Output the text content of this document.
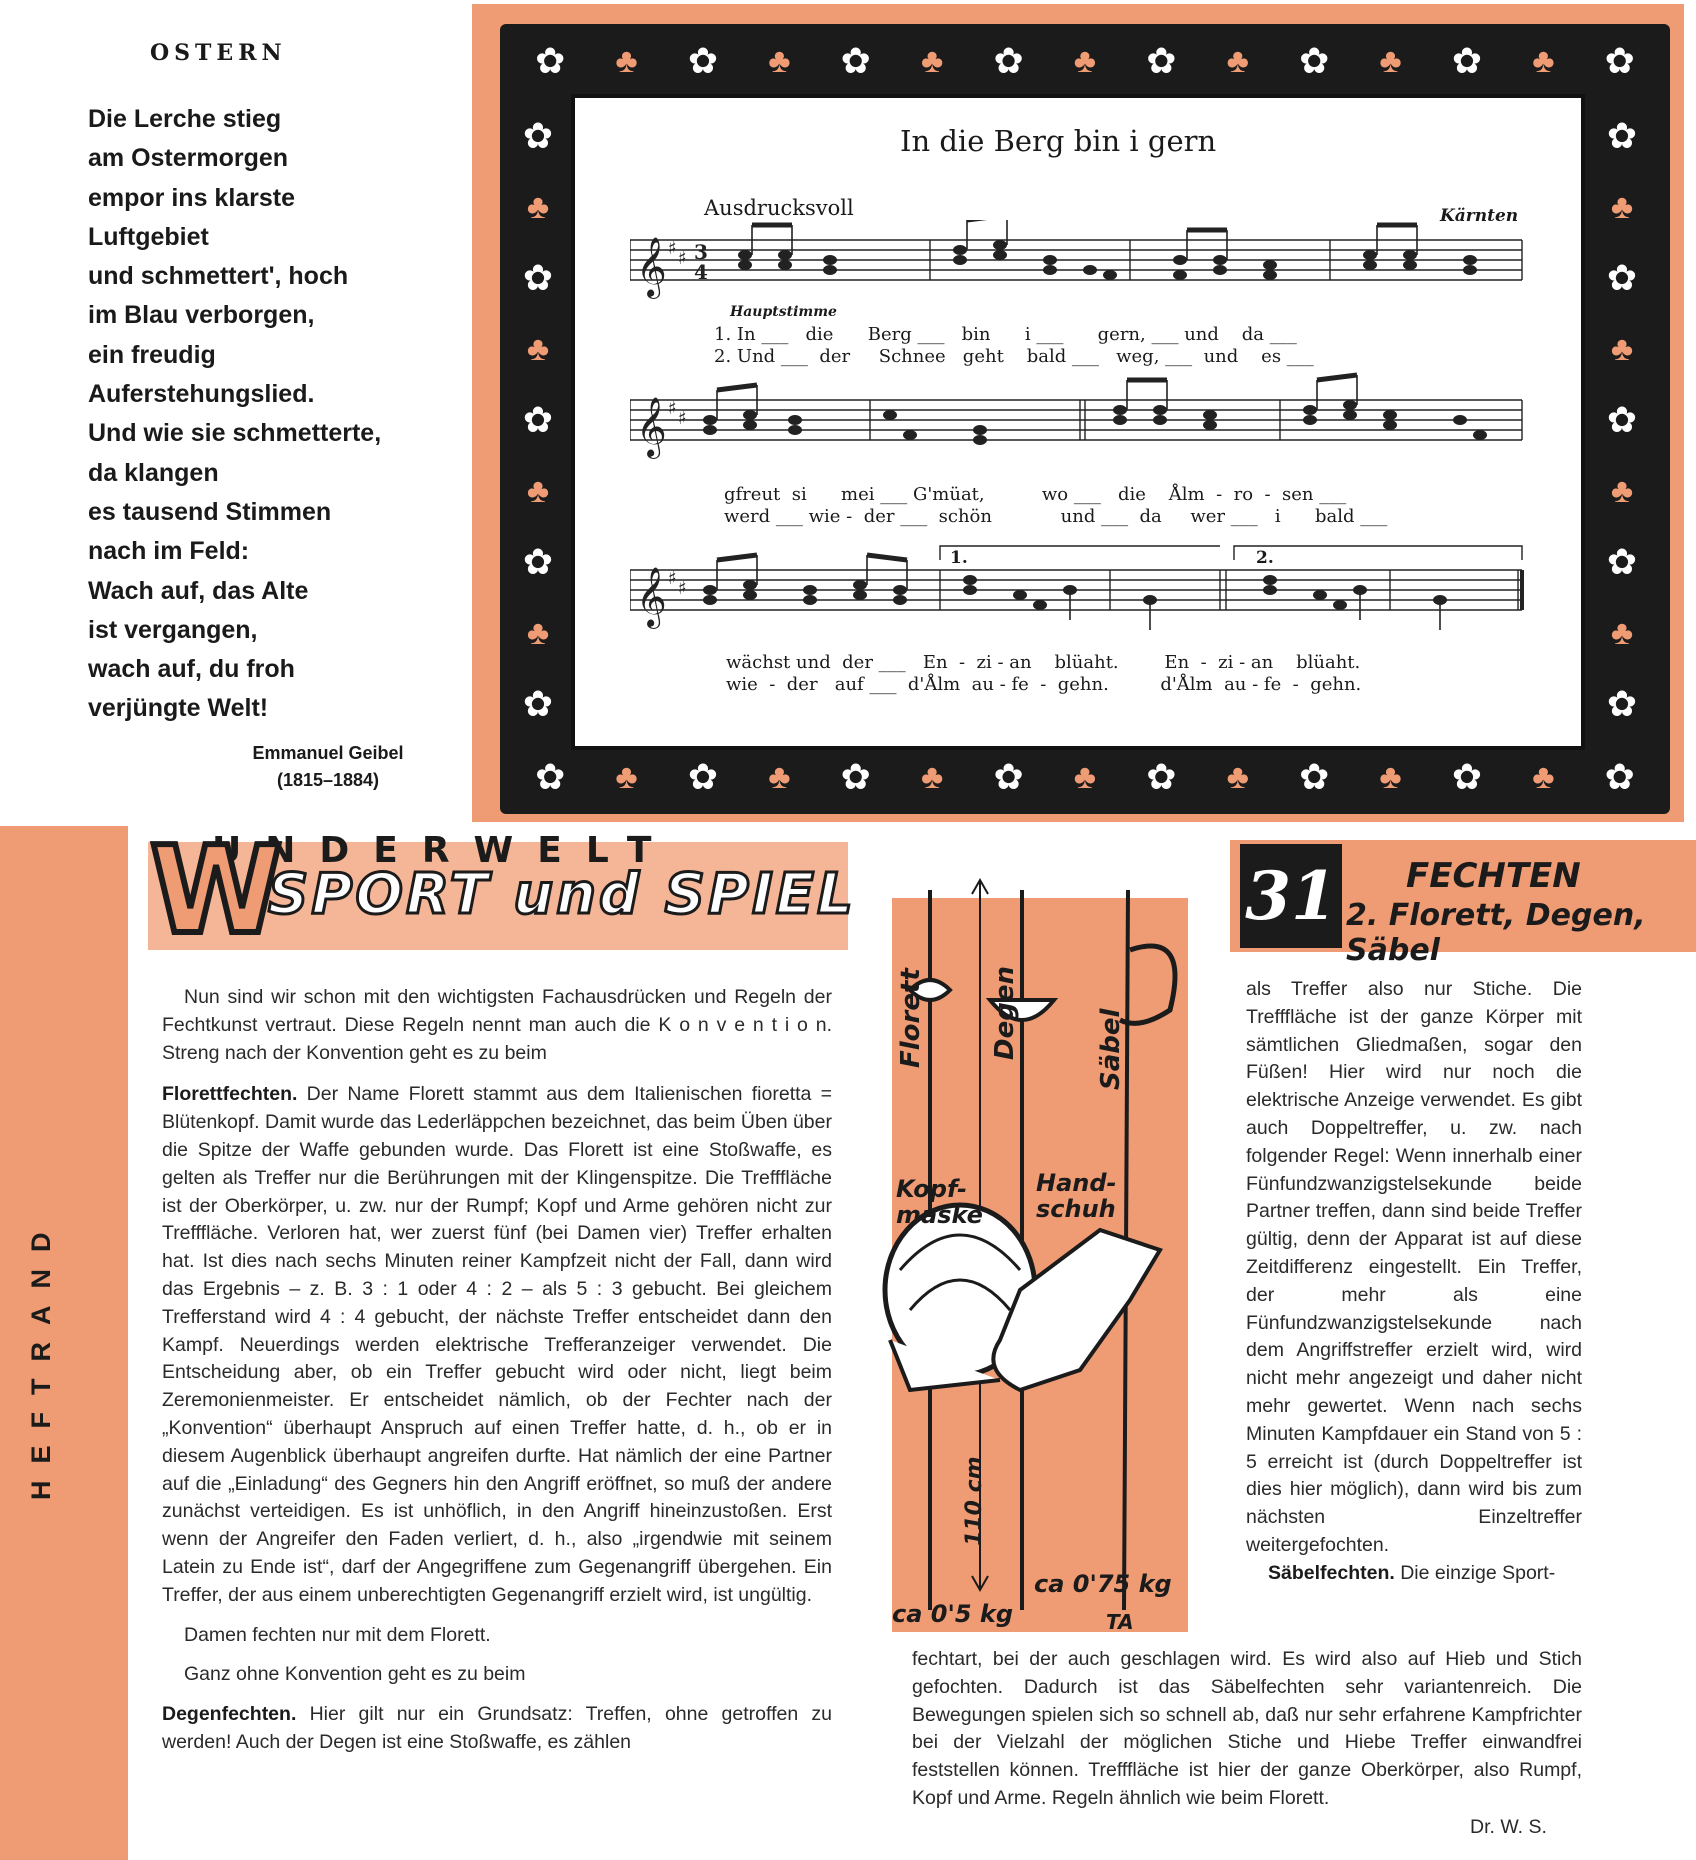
OSTERN
Die Lerche stieg
am Ostermorgen
empor ins klarste
Luftgebiet
und schmettert', hoch
im Blau verborgen,
ein freudig
Auferstehungslied.
Und wie sie schmetterte,
da klangen
es tausend Stimmen
nach im Feld:
Wach auf, das Alte
ist vergangen,
wach auf, du froh
verjüngte Welt!
Emmanuel Geibel
(1815–1884)
✿ ♣ ✿ ♣ ✿ ♣ ✿ ♣ ✿ ♣ ✿ ♣ ✿ ♣ ✿
✿ ♣ ✿ ♣ ✿ ♣ ✿ ♣ ✿ ♣ ✿ ♣ ✿ ♣ ✿
✿
♣
✿
♣
✿
♣
✿
♣
✿
✿
♣
✿
♣
✿
♣
✿
♣
✿
In die Berg bin i gern
Ausdrucksvoll	Kärnten
Hauptstimme
𝄞
𝄞
𝄞
♯ ♯
♯ ♯
♯ ♯
3
4
1.	2.
1. In ___   die      Berg ___   bin      i ___      gern, ___ und    da ___
2. Und ___  der     Schnee   geht    bald ___   weg, ___  und    es ___
gfreut  si      mei ___ G'müat,          wo ___   die    Ålm  -  ro  -  sen ___
werd ___ wie -  der ___  schön            und ___  da     wer ___   i      bald ___
wächst und  der ___   En  -  zi - an    blüaht.        En  -  zi - an    blüaht.
wie  -  der   auf ___  d'Ålm  au - fe  -  gehn.         d'Ålm  au - fe  -  gehn.
HEFTRAND
UNDERWELT
W
SPORT und SPIEL	31 FECHTEN
2. Florett, Degen, Säbel
Florett Degen	Säbel
Kopf-maske
Hand-schuh
110 cm
ca 0'5 kg
ca 0'75 kg
TA

Nun sind wir schon mit den wichtigsten Fachausdrücken und Regeln der Fechtkunst vertraut. Diese Regeln nennt man auch die K o n v e n t i o n. Streng nach der Konvention geht es zu beim

Florettfechten. Der Name Florett stammt aus dem Italienischen fioretta = Blütenkopf. Damit wurde das Lederläppchen bezeichnet, das beim Üben über die Spitze der Waffe gebunden wurde. Das Florett ist eine Stoßwaffe, es gelten als Treffer nur die Berührungen mit der Klingenspitze. Die Trefffläche ist der Oberkörper, u. zw. nur der Rumpf; Kopf und Arme gehören nicht zur Trefffläche. Verloren hat, wer zuerst fünf (bei Damen vier) Treffer erhalten hat. Ist dies nach sechs Minuten reiner Kampfzeit nicht der Fall, dann wird das Ergebnis – z. B. 3 : 1 oder 4 : 2 – als 5 : 3 gebucht. Bei gleichem Trefferstand wird 4 : 4 gebucht, der nächste Treffer entscheidet dann den Kampf. Neuerdings werden elektrische Trefferanzeiger verwendet. Die Entscheidung aber, ob ein Treffer gebucht wird oder nicht, liegt beim Zeremonienmeister. Er entscheidet nämlich, ob der Fechter nach der „Konvention“ überhaupt Anspruch auf einen Treffer hatte, d. h., ob er in diesem Augenblick überhaupt angreifen durfte. Hat nämlich der eine Partner auf die „Einladung“ des Gegners hin den Angriff eröffnet, so muß der andere zunächst verteidigen. Es ist unhöflich, in den Angriff hineinzustoßen. Erst wenn der Angreifer den Faden verliert, d. h., also „irgendwie mit seinem Latein zu Ende ist“, darf der Angegriffene zum Gegenangriff übergehen. Ein Treffer, der aus einem unberechtigten Gegenangriff erzielt wird, ist ungültig.

Damen fechten nur mit dem Florett.

Ganz ohne Konvention geht es zu beim

Degenfechten. Hier gilt nur ein Grundsatz: Treffen, ohne getroffen zu werden! Auch der Degen ist eine Stoßwaffe, es zählen

als Treffer also nur Stiche. Die Trefffläche ist der ganze Körper mit sämtlichen Gliedmaßen, sogar den Füßen! Hier wird nur noch die elektrische Anzeige verwendet. Es gibt auch Doppeltreffer, u. zw. nach folgender Regel: Wenn innerhalb einer Fünfundzwanzigstelsekunde beide Partner treffen, dann sind beide Treffer gültig, denn der Apparat ist auf diese Zeitdifferenz eingestellt. Ein Treffer, der mehr als eine Fünfundzwanzigstelsekunde nach dem Angriffstreffer erzielt wird, wird nicht mehr angezeigt und daher nicht mehr gewertet. Wenn nach sechs Minuten Kampfdauer ein Stand von 5 : 5 erreicht ist (durch Doppeltreffer ist dies hier möglich), dann wird bis zum nächsten Einzeltreffer weitergefochten.

Säbelfechten. Die einzige Sport-

fechtart, bei der auch geschlagen wird. Es wird also auf Hieb und Stich gefochten. Dadurch ist das Säbelfechten sehr variantenreich. Die Bewegungen spielen sich so schnell ab, daß nur sehr erfahrene Kampfrichter bei der Vielzahl der möglichen Stiche und Hiebe Treffer einwandfrei feststellen können. Trefffläche ist hier der ganze Oberkörper, also Rumpf, Kopf und Arme. Regeln ähnlich wie beim Florett.

Dr. W. S.
